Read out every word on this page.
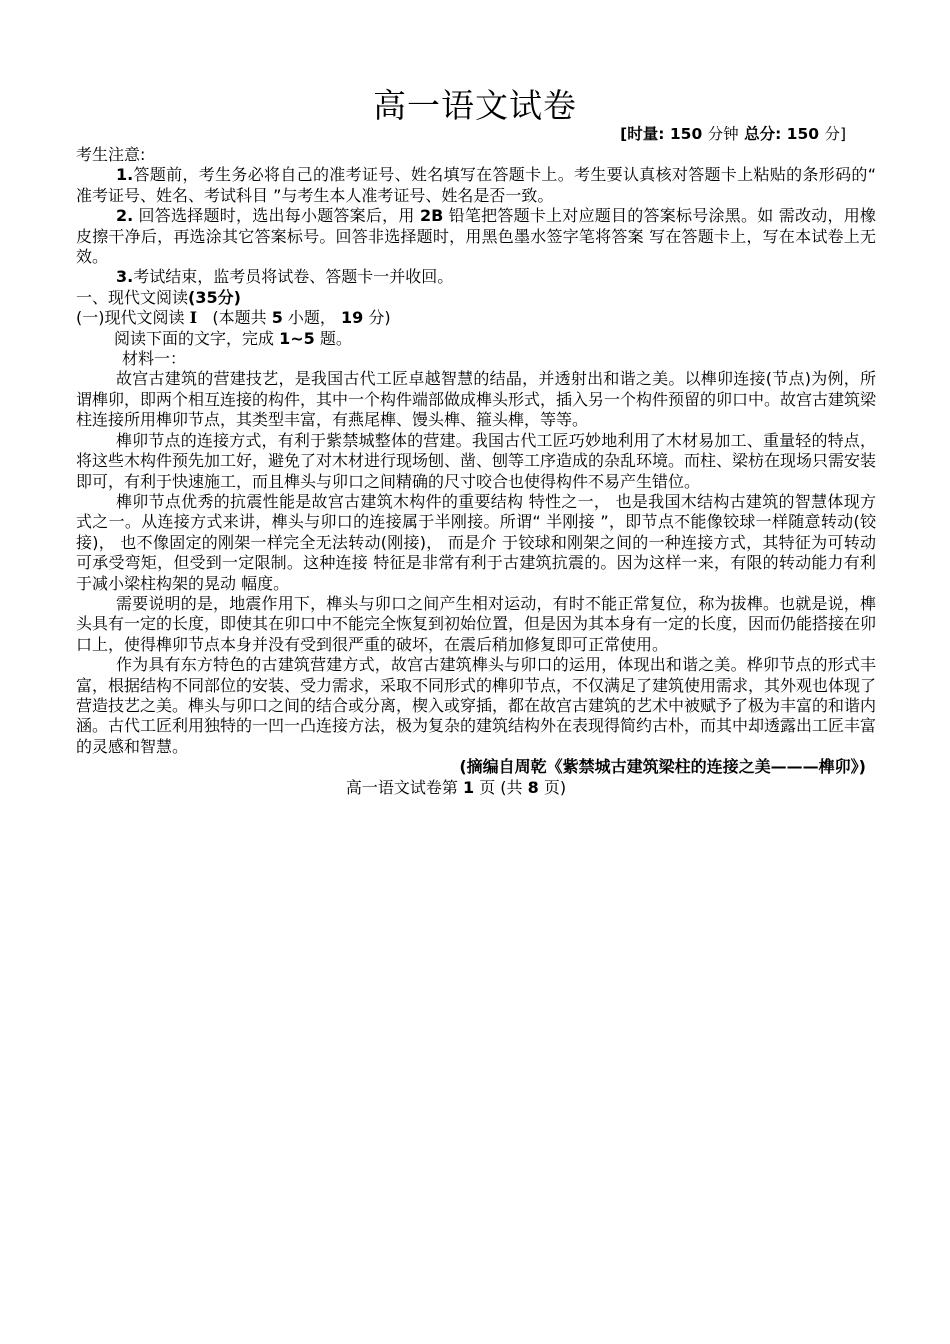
高一语文试卷
[时量: 150 分钟 总分: 150 分]

考生注意:

1.答题前，考生务必将自己的准考证号、姓名填写在答题卡上。考生要认真核对答题卡上粘贴的条形码的“ 准考证号、姓名、考试科目 ”与考生本人准考证号、姓名是否一致。

2. 回答选择题时，选出每小题答案后，用 2B 铅笔把答题卡上对应题目的答案标号涂黑。如 需改动，用橡皮擦干净后，再选涂其它答案标号。回答非选择题时，用黑色墨水签字笔将答案 写在答题卡上，写在本试卷上无效。

3.考试结束，监考员将试卷、答题卡一并收回。

一、现代文阅读(35分)

(一)现代文阅读 I (本题共 5 小题， 19 分)

阅读下面的文字，完成 1~5 题。

材料一：

故宫古建筑的营建技艺，是我国古代工匠卓越智慧的结晶，并透射出和谐之美。以榫卯连接(节点)为例，所谓榫卯，即两个相互连接的构件，其中一个构件端部做成榫头形式，插入另一个构件预留的卯口中。故宫古建筑梁柱连接所用榫卯节点，其类型丰富，有燕尾榫、馒头榫、箍头榫，等等。

榫卯节点的连接方式，有利于紫禁城整体的营建。我国古代工匠巧妙地利用了木材易加工、重量轻的特点，将这些木构件预先加工好，避免了对木材进行现场刨、凿、刨等工序造成的杂乱环境。而柱、梁枋在现场只需安装即可，有利于快速施工，而且榫头与卯口之间精确的尺寸咬合也使得构件不易产生错位。

榫卯节点优秀的抗震性能是故宫古建筑木构件的重要结构 特性之一， 也是我国木结构古建筑的智慧体现方式之一。从连接方式来讲，榫头与卯口的连接属于半刚接。所谓“ 半刚接 ”，即节点不能像铰球一样随意转动(铰接)， 也不像固定的刚架一样完全无法转动(刚接)， 而是介 于铰球和刚架之间的一种连接方式，其特征为可转动可承受弯矩，但受到一定限制。这种连接 特征是非常有利于古建筑抗震的。因为这样一来，有限的转动能力有利于减小梁柱构架的晃动 幅度。

需要说明的是，地震作用下，榫头与卯口之间产生相对运动，有时不能正常复位，称为拔榫。也就是说，榫头具有一定的长度，即使其在卯口中不能完全恢复到初始位置，但是因为其本身有一定的长度，因而仍能搭接在卯口上，使得榫卯节点本身并没有受到很严重的破坏，在震后稍加修复即可正常使用。

作为具有东方特色的古建筑营建方式，故宫古建筑榫头与卯口的运用，体现出和谐之美。桦卯节点的形式丰富，根据结构不同部位的安装、受力需求，采取不同形式的榫卯节点，不仅满足了建筑使用需求，其外观也体现了营造技艺之美。榫头与卯口之间的结合或分离，楔入或穿插，都在故宫古建筑的艺术中被赋予了极为丰富的和谐内涵。古代工匠利用独特的一凹一凸连接方法，极为复杂的建筑结构外在表现得简约古朴，而其中却透露出工匠丰富的灵感和智慧。

(摘编自周乾《紫禁城古建筑梁柱的连接之美———榫卯》)

高一语文试卷第 1 页 (共 8 页)
